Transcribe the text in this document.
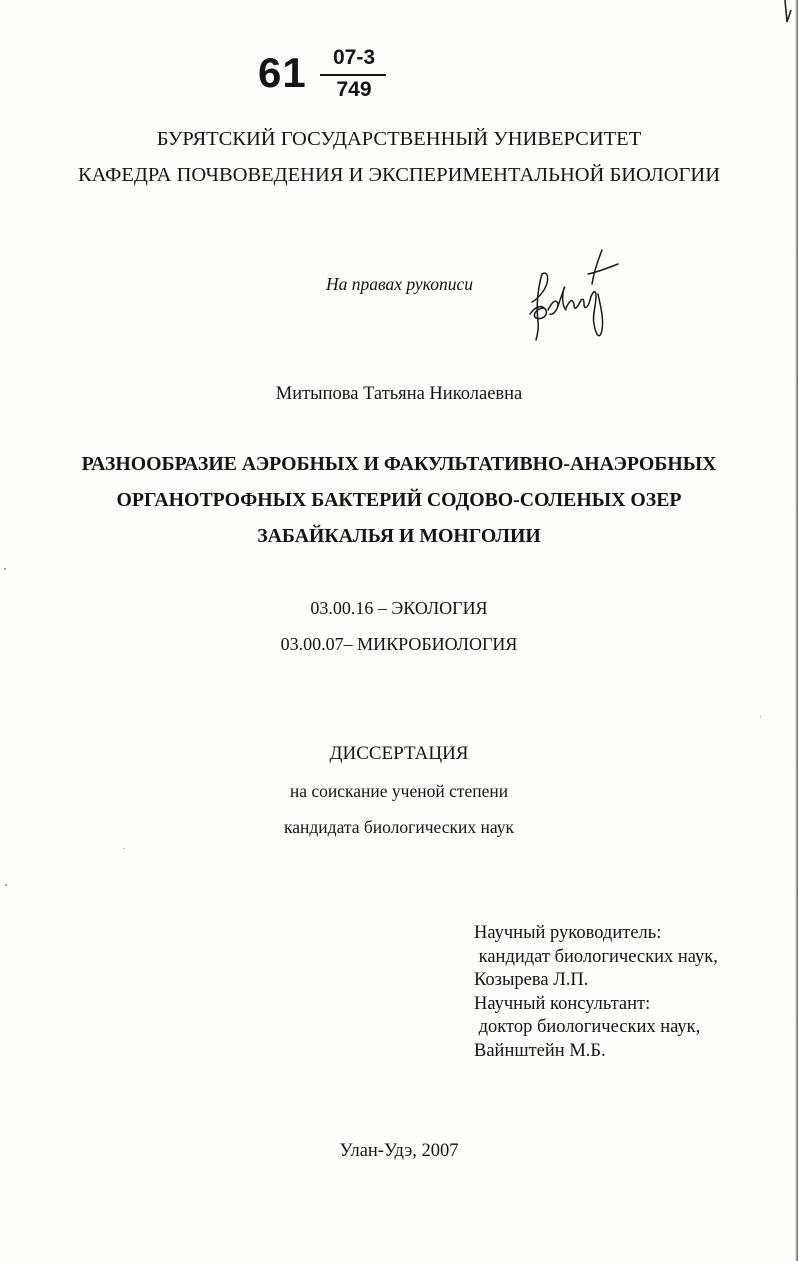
61	07-3
749
БУРЯТСКИЙ ГОСУДАРСТВЕННЫЙ УНИВЕРСИТЕТ
КАФЕДРА ПОЧВОВЕДЕНИЯ И ЭКСПЕРИМЕНТАЛЬНОЙ БИОЛОГИИ
На правах рукописи
Митыпова Татьяна Николаевна
РАЗНООБРАЗИЕ АЭРОБНЫХ И ФАКУЛЬТАТИВНО-АНАЭРОБНЫХ
ОРГАНОТРОФНЫХ БАКТЕРИЙ СОДОВО-СОЛЕНЫХ ОЗЕР
ЗАБАЙКАЛЬЯ И МОНГОЛИИ
03.00.16 – ЭКОЛОГИЯ
03.00.07– МИКРОБИОЛОГИЯ
ДИССЕРТАЦИЯ
на соискание ученой степени
кандидата биологических наук
Научный руководитель:
кандидат биологических наук,
Козырева Л.П.
Научный консультант:
доктор биологических наук,
Вайнштейн М.Б.
Улан-Удэ, 2007
